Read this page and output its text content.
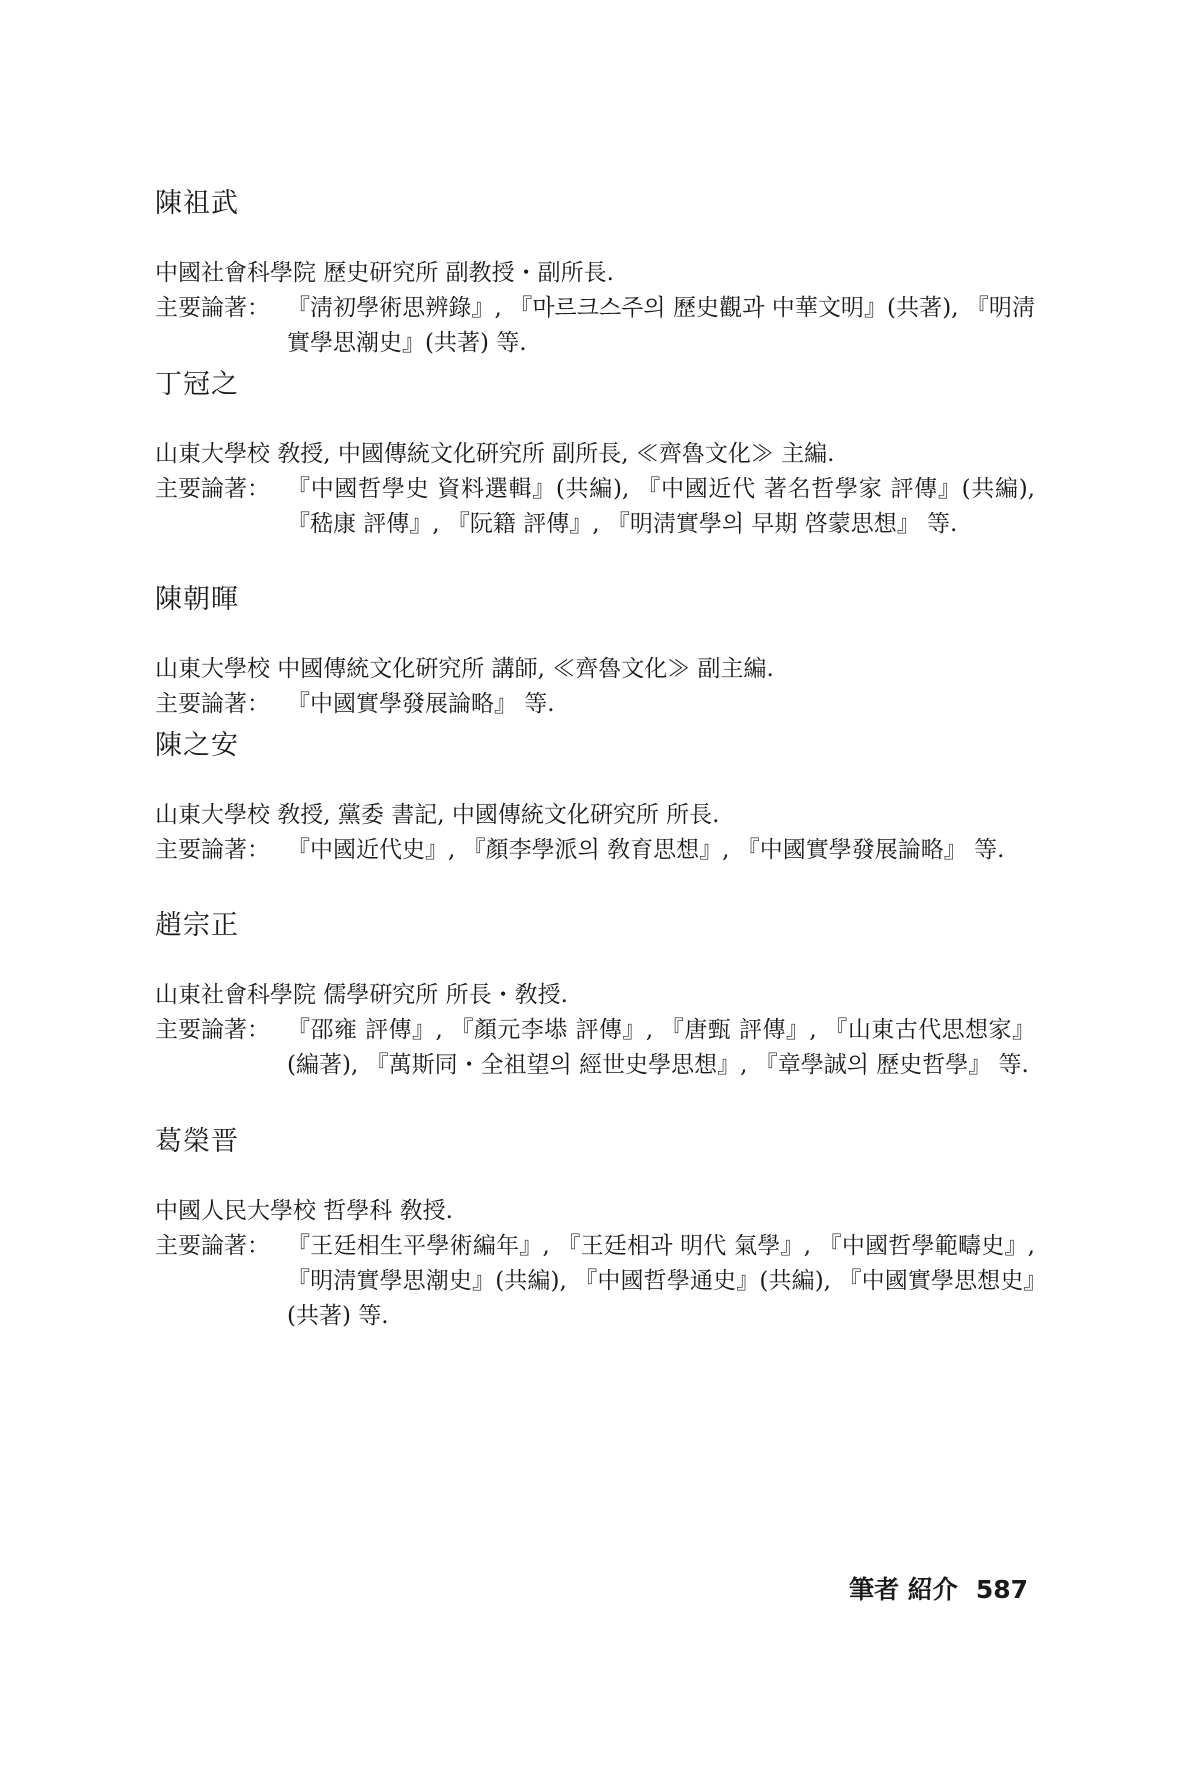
陳祖武
中國社會科學院 歷史研究所 副教授・副所長.
主要論著： 『淸初學術思辨錄』, 『마르크스주의 歷史觀과 中華文明』(共著), 『明淸實學思潮史』(共著) 等.
丁冠之
山東大學校 敎授, 中國傳統文化硏究所 副所長, ≪齊魯文化≫ 主編.
主要論著： 『中國哲學史 資料選輯』(共編), 『中國近代 著名哲學家 評傳』(共編), 『嵇康 評傳』, 『阮籍 評傳』, 『明淸實學의 早期 啓蒙思想』 等.
陳朝暉
山東大學校 中國傳統文化硏究所 講師, ≪齊魯文化≫ 副主編.
主要論著： 『中國實學發展論略』 等.
陳之安
山東大學校 敎授, 黨委 書記, 中國傳統文化硏究所 所長.
主要論著： 『中國近代史』, 『顏李學派의 敎育思想』, 『中國實學發展論略』 等.
趙宗正
山東社會科學院 儒學硏究所 所長・敎授.
主要論著： 『邵雍 評傳』, 『顏元李塨 評傳』, 『唐甄 評傳』, 『山東古代思想家』(編著), 『萬斯同・全祖望의 經世史學思想』, 『章學誠의 歷史哲學』 等.
葛榮晋
中國人民大學校 哲學科 敎授.
主要論著： 『王廷相生平學術編年』, 『王廷相과 明代 氣學』, 『中國哲學範疇史』, 『明淸實學思潮史』(共編), 『中國哲學通史』(共編), 『中國實學思想史』(共著) 等.
筆者 紹介 587
